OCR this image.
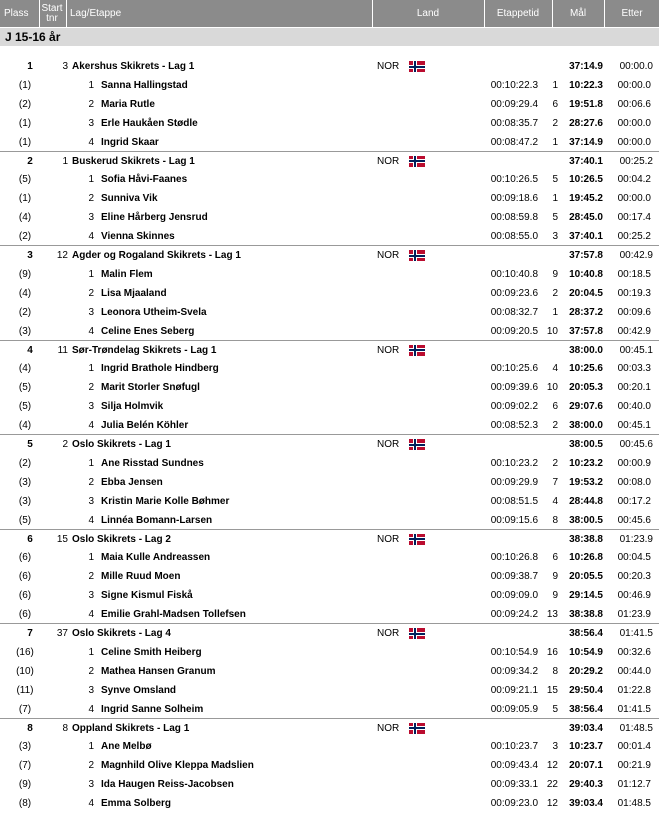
Plass	Start
tnr Lag/Etappe	Land	Etappetid	Mål	Etter
J 15-16 år
1	3 Akershus Skikrets - Lag 1	NOR	37:14.9	00:00.0
(1)	1 Sanna Hallingstad	00:10:22.3	1	10:22.3	00:00.0
(2)	2 Maria Rutle	00:09:29.4	6	19:51.8	00:06.6
(1)	3 Erle Haukåen Stødle	00:08:35.7	2	28:27.6	00:00.0
(1)	4 Ingrid Skaar	00:08:47.2	1	37:14.9	00:00.0
2	1 Buskerud Skikrets - Lag 1	NOR	37:40.1	00:25.2
(5)	1 Sofia Håvi-Faanes	00:10:26.5	5	10:26.5	00:04.2
(1)	2 Sunniva Vik	00:09:18.6	1	19:45.2	00:00.0
(4)	3 Eline Hårberg Jensrud	00:08:59.8	5	28:45.0	00:17.4
(2)	4 Vienna Skinnes	00:08:55.0	3	37:40.1	00:25.2
3	12 Agder og Rogaland Skikrets - Lag 1	NOR	37:57.8	00:42.9
(9)	1 Malin Flem	00:10:40.8	9	10:40.8	00:18.5
(4)	2 Lisa Mjaaland	00:09:23.6	2	20:04.5	00:19.3
(2)	3 Leonora Utheim-Svela	00:08:32.7	1	28:37.2	00:09.6
(3)	4 Celine Enes Seberg	00:09:20.5 10	37:57.8	00:42.9
4	11 Sør-Trøndelag Skikrets - Lag 1	NOR	38:00.0	00:45.1
(4)	1 Ingrid Brathole Hindberg	00:10:25.6	4	10:25.6	00:03.3
(5)	2 Marit Storler Snøfugl	00:09:39.6 10	20:05.3	00:20.1
(5)	3 Silja Holmvik	00:09:02.2	6	29:07.6	00:40.0
(4)	4 Julia Belén Köhler	00:08:52.3	2	38:00.0	00:45.1
5	2 Oslo Skikrets - Lag 1	NOR	38:00.5	00:45.6
(2)	1 Ane Risstad Sundnes	00:10:23.2	2	10:23.2	00:00.9
(3)	2 Ebba Jensen	00:09:29.9	7	19:53.2	00:08.0
(3)	3 Kristin Marie Kolle Bøhmer	00:08:51.5	4	28:44.8	00:17.2
(5)	4 Linnéa Bomann-Larsen	00:09:15.6	8	38:00.5	00:45.6
6	15 Oslo Skikrets - Lag 2	NOR	38:38.8	01:23.9
(6)	1 Maia Kulle Andreassen	00:10:26.8	6	10:26.8	00:04.5
(6)	2 Mille Ruud Moen	00:09:38.7	9	20:05.5	00:20.3
(6)	3 Signe Kismul Fiskå	00:09:09.0	9	29:14.5	00:46.9
(6)	4 Emilie Grahl-Madsen Tollefsen	00:09:24.2 13	38:38.8	01:23.9
7	37 Oslo Skikrets - Lag 4	NOR	38:56.4	01:41.5
(16)	1 Celine Smith Heiberg	00:10:54.9 16	10:54.9	00:32.6
(10)	2 Mathea Hansen Granum	00:09:34.2	8	20:29.2	00:44.0
(11)	3 Synve Omsland	00:09:21.1 15	29:50.4	01:22.8
(7)	4 Ingrid Sanne Solheim	00:09:05.9	5	38:56.4	01:41.5
8	8 Oppland Skikrets - Lag 1	NOR	39:03.4	01:48.5
(3)	1 Ane Melbø	00:10:23.7	3	10:23.7	00:01.4
(7)	2 Magnhild Olive Kleppa Madslien	00:09:43.4 12	20:07.1	00:21.9
(9)	3 Ida Haugen Reiss-Jacobsen	00:09:33.1 22	29:40.3	01:12.7
(8)	4 Emma Solberg	00:09:23.0 12	39:03.4	01:48.5
